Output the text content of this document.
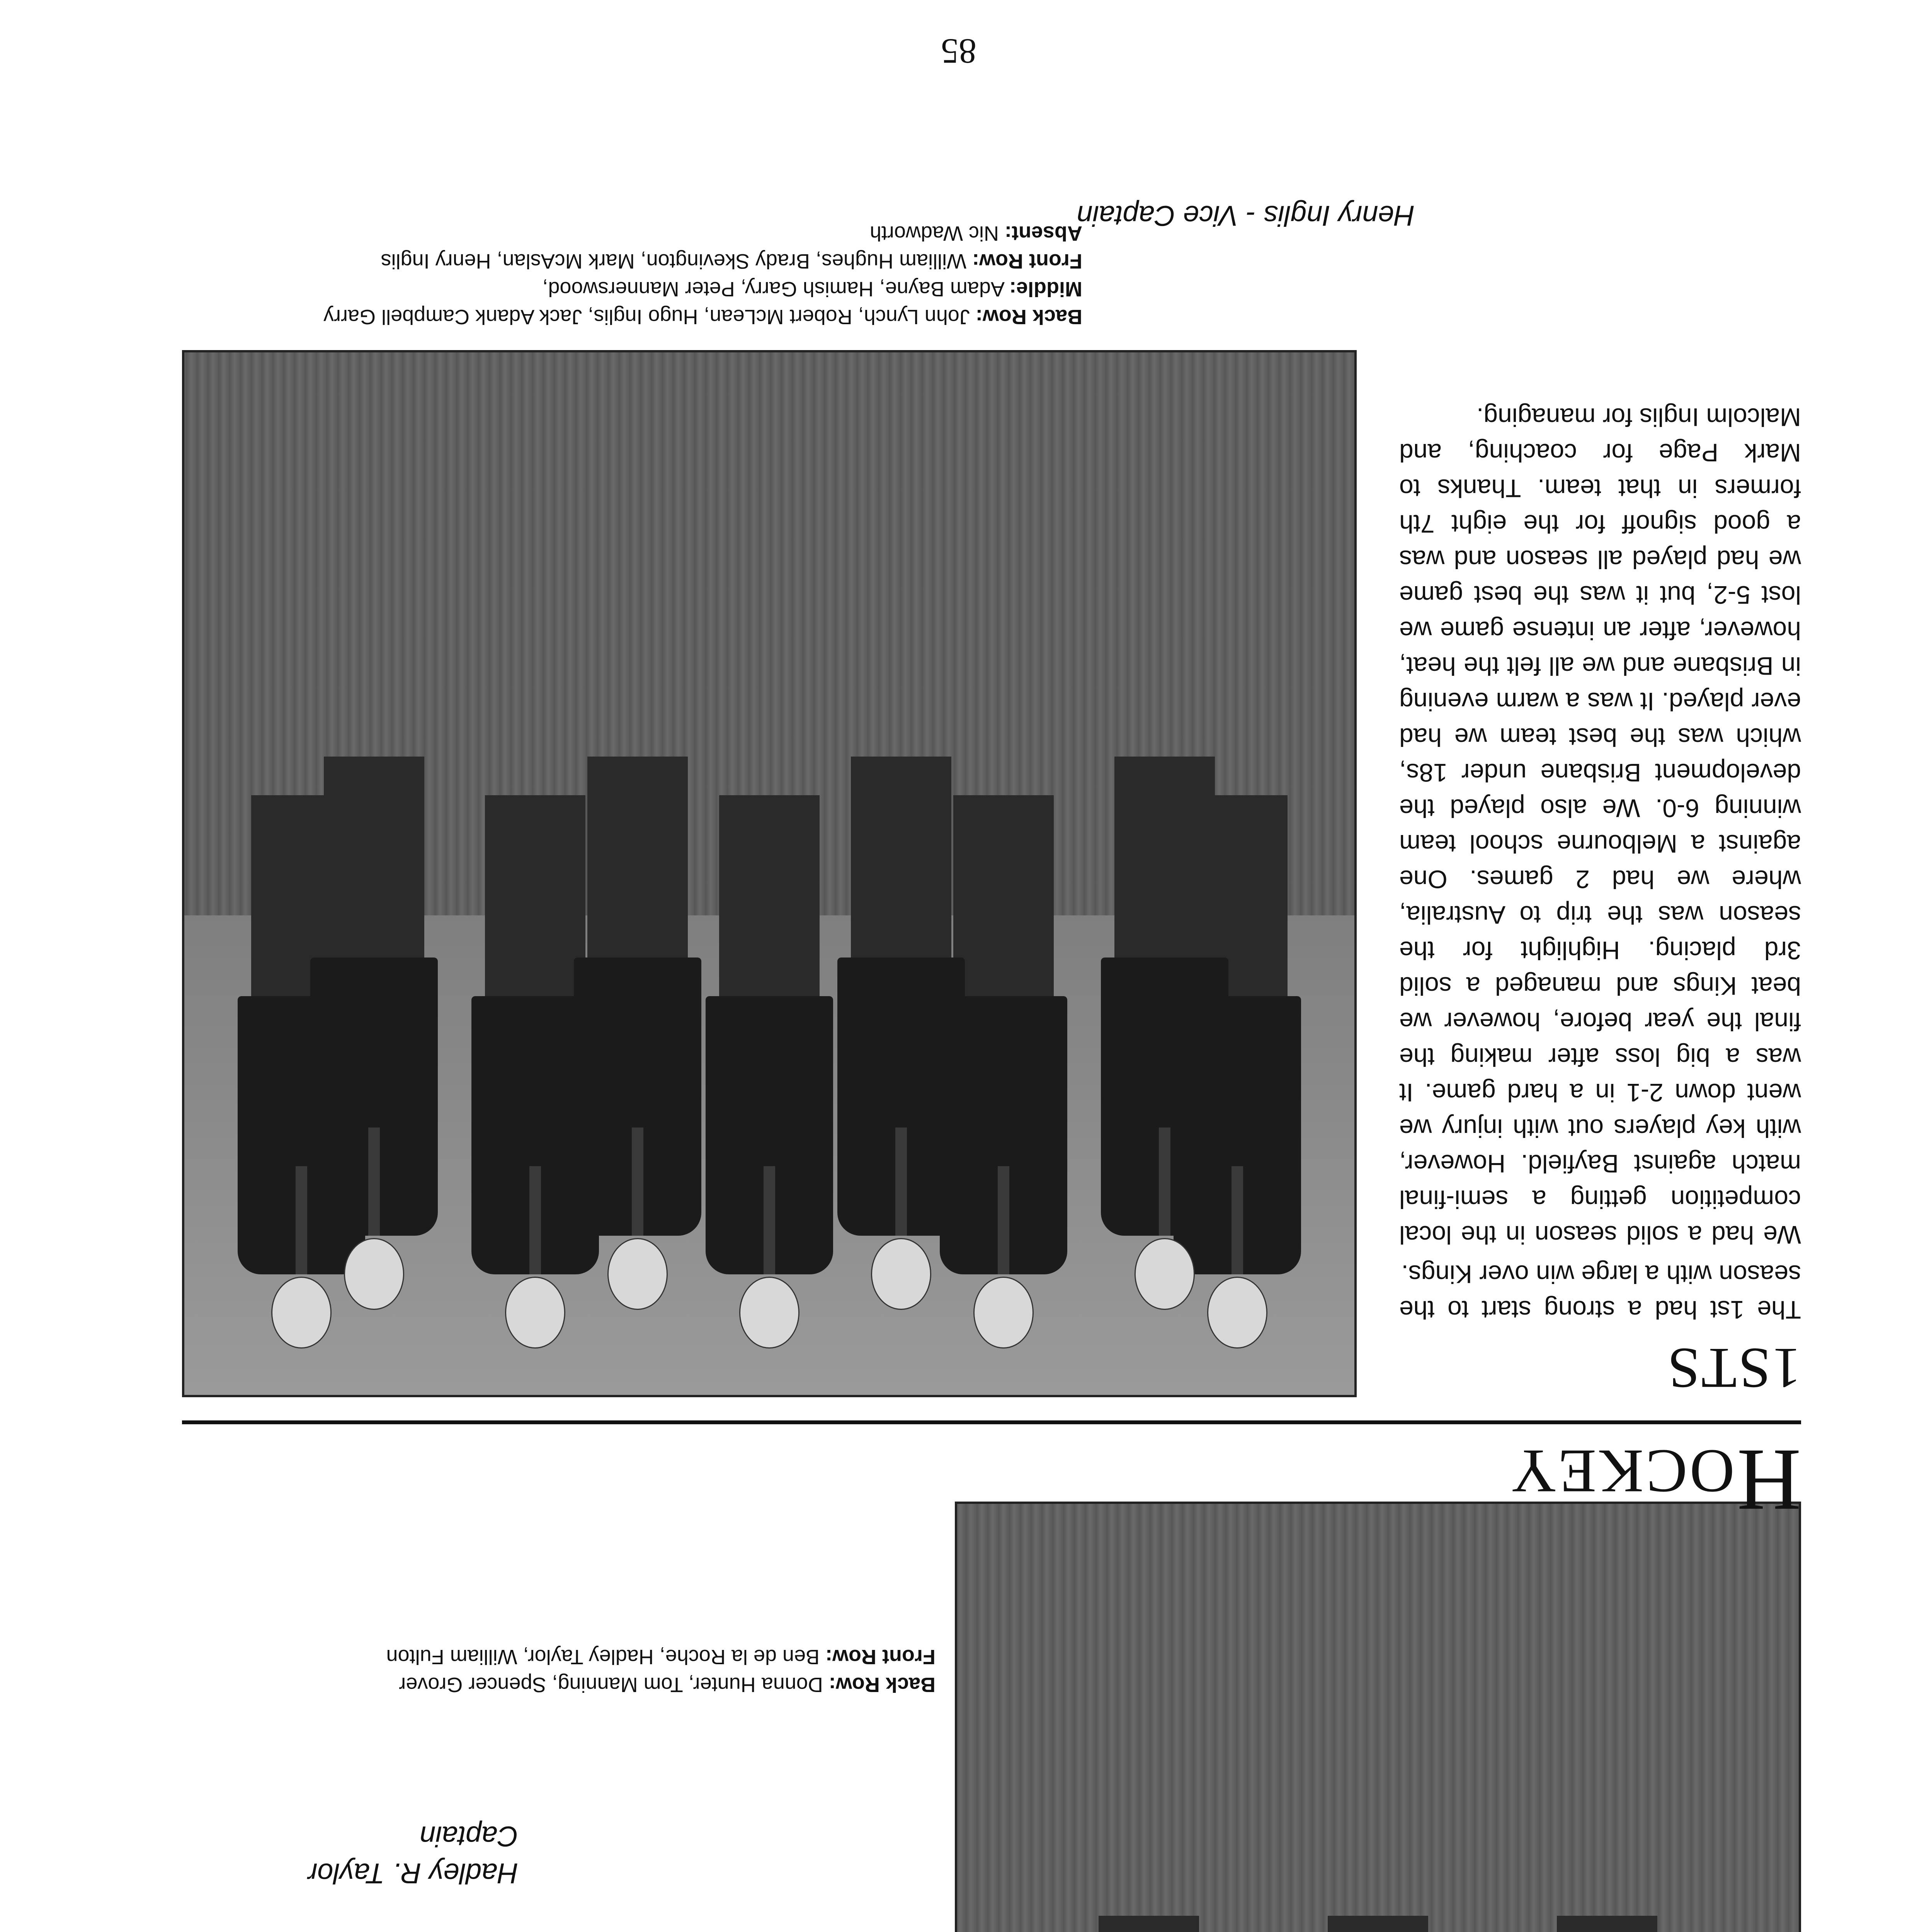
Hadley R. Taylor
Captain
Back Row: Donna Hunter, Tom Manning, Spencer Grover
Front Row: Ben de la Roche, Hadley Taylor, William Fulton
Hockey
1STS

The 1st had a strong start to the season with a large win over Kings.

We had a solid season in the local competition getting a semi-final match against Bayfield. However, with key players out with injury we went down 2-1 in a hard game. It was a big loss after making the final the year before, however we beat Kings and managed a solid 3rd placing. Highlight for the season was the trip to Australia, where we had 2 games. One against a Melbourne school team winning 6-0. We also played the development Brisbane under 18s, which was the best team we had ever played. It was a warm evening in Brisbane and we all felt the heat, however, after an intense game we lost 5-2, but it was the best game we had played all season and was a good signoff for the eight 7th formers in that team. Thanks to Mark Page for coaching, and Malcolm Inglis for managing.

Back Row: John Lynch, Robert McLean, Hugo Inglis, Jack Adank Campbell Garry
Middle: Adam Bayne, Hamish Garry, Peter Mannerswood,
Front Row: William Hughes, Brady Skevington, Mark McAslan, Henry Inglis
Absent: Nic Wadworth
Henry Inglis - Vice Captain
85
